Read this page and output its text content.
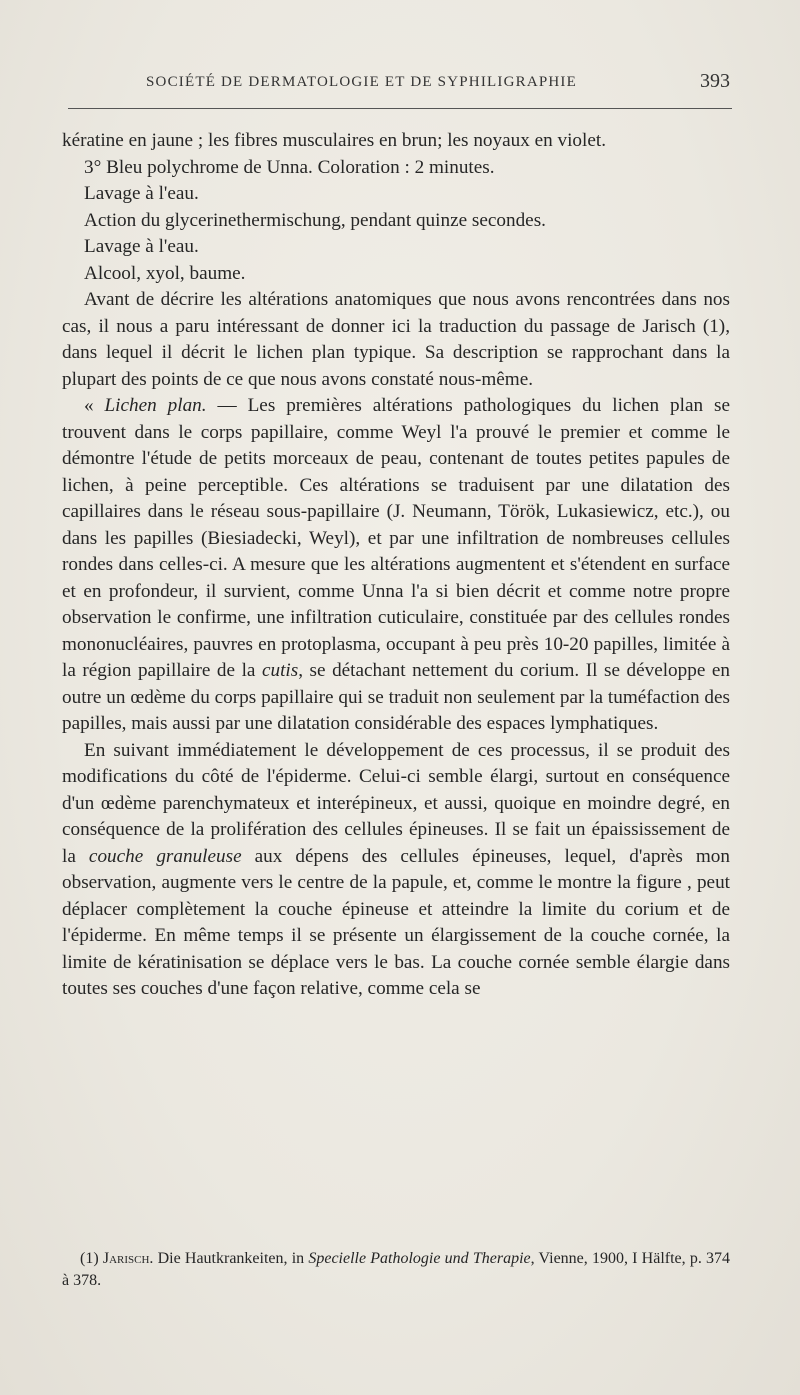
SOCIÉTÉ DE DERMATOLOGIE ET DE SYPHILIGRAPHIE	393

kératine en jaune ; les fibres musculaires en brun; les noyaux en violet.

3° Bleu polychrome de Unna. Coloration : 2 minutes.

Lavage à l'eau.

Action du glycerinethermischung, pendant quinze secondes.

Lavage à l'eau.

Alcool, xyol, baume.

Avant de décrire les altérations anatomiques que nous avons rencontrées dans nos cas, il nous a paru intéressant de donner ici la traduction du passage de Jarisch (1), dans lequel il décrit le lichen plan typique. Sa description se rapprochant dans la plupart des points de ce que nous avons constaté nous-même.

« Lichen plan. — Les premières altérations pathologiques du lichen plan se trouvent dans le corps papillaire, comme Weyl l'a prouvé le premier et comme le démontre l'étude de petits morceaux de peau, contenant de toutes petites papules de lichen, à peine perceptible. Ces altérations se traduisent par une dilatation des capillaires dans le réseau sous-papillaire (J. Neumann, Török, Lukasiewicz, etc.), ou dans les papilles (Biesiadecki, Weyl), et par une infiltration de nombreuses cellules rondes dans celles-ci. A mesure que les altérations augmentent et s'étendent en surface et en profondeur, il survient, comme Unna l'a si bien décrit et comme notre propre observation le confirme, une infiltration cuticulaire, constituée par des cellules rondes mononucléaires, pauvres en protoplasma, occupant à peu près 10-20 papilles, limitée à la région papillaire de la cutis, se détachant nettement du corium. Il se développe en outre un œdème du corps papillaire qui se traduit non seulement par la tuméfaction des papilles, mais aussi par une dilatation considérable des espaces lymphatiques.

En suivant immédiatement le développement de ces processus, il se produit des modifications du côté de l'épiderme. Celui-ci semble élargi, surtout en conséquence d'un œdème parenchymateux et interépineux, et aussi, quoique en moindre degré, en conséquence de la prolifération des cellules épineuses. Il se fait un épaississement de la couche granuleuse aux dépens des cellules épineuses, lequel, d'après mon observation, augmente vers le centre de la papule, et, comme le montre la figure , peut déplacer complètement la couche épineuse et atteindre la limite du corium et de l'épiderme. En même temps il se présente un élargissement de la couche cornée, la limite de kératinisation se déplace vers le bas. La couche cornée semble élargie dans toutes ses couches d'une façon relative, comme cela se

(1) Jarisch. Die Hautkrankeiten, in Specielle Pathologie und Therapie, Vienne, 1900, I Hälfte, p. 374 à 378.
